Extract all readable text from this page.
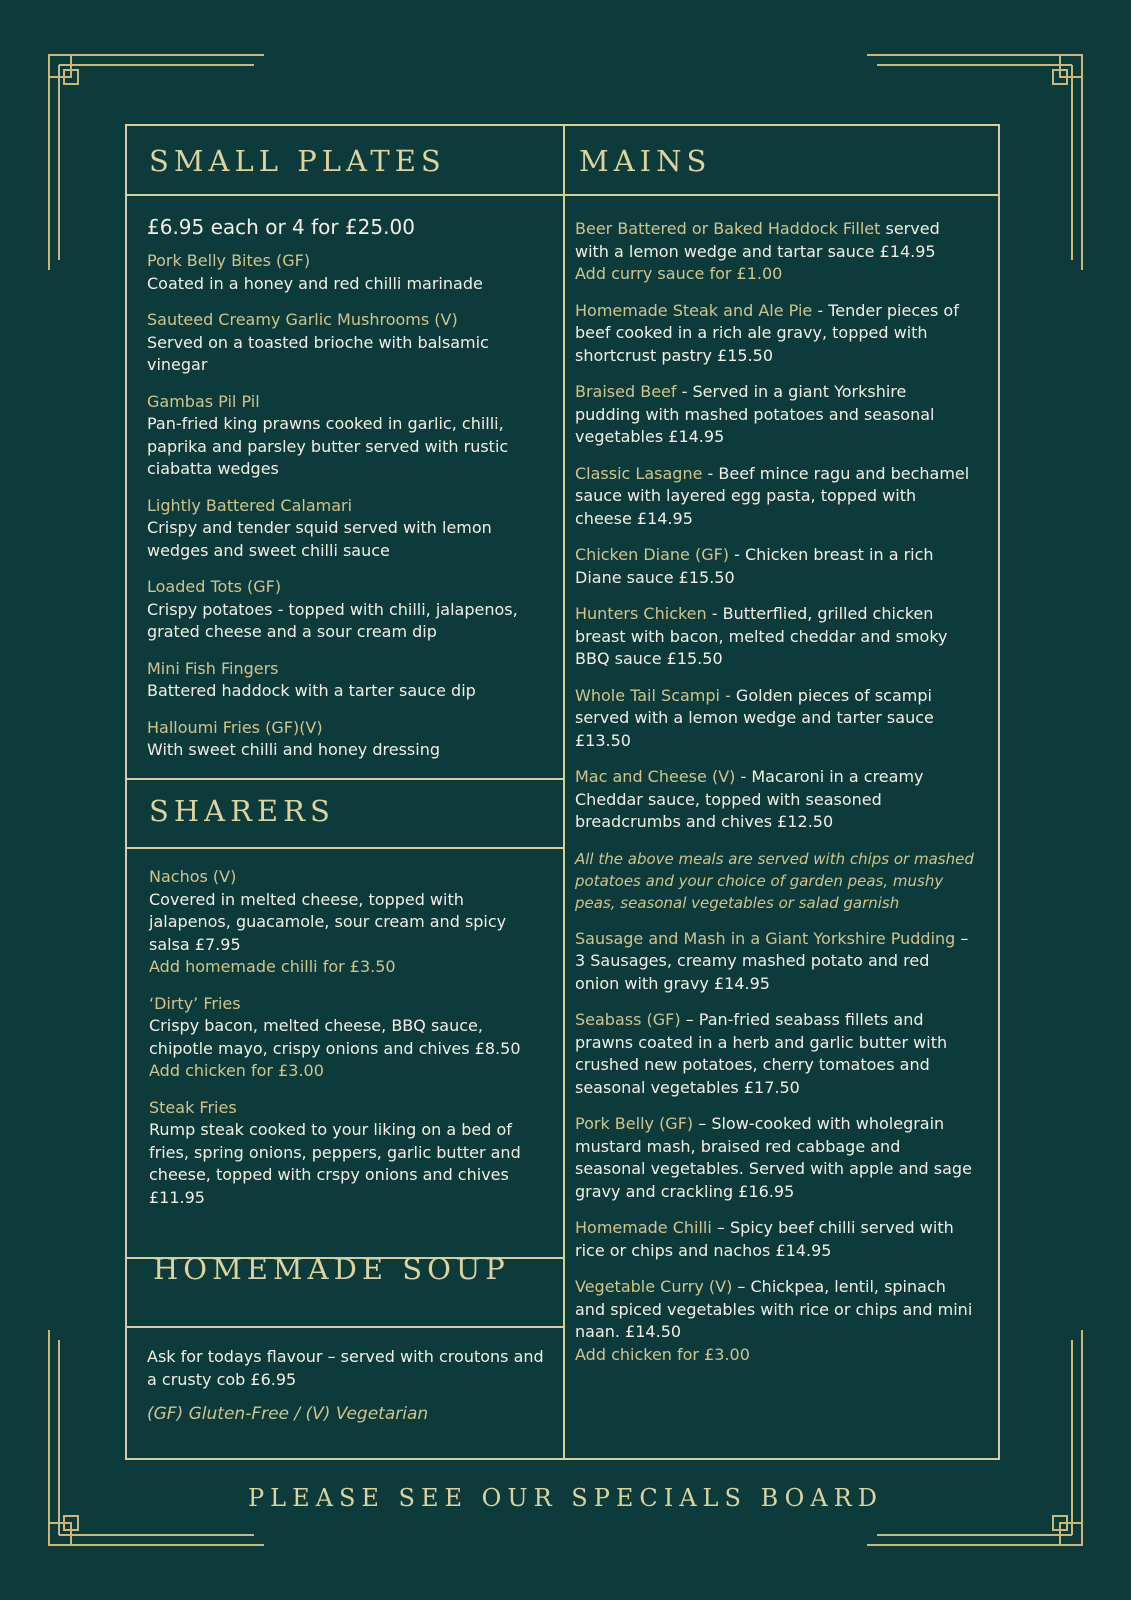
SMALL PLATES	MAINS
SHARERS
HOMEMADE SOUP
£6.95 each or 4 for £25.00
Pork Belly Bites (GF)
Coated in a honey and red chilli marinade
Sauteed Creamy Garlic Mushrooms (V)
Served on a toasted brioche with balsamic vinegar
Gambas Pil Pil
Pan-fried king prawns cooked in garlic, chilli, paprika and parsley butter served with rustic ciabatta wedges
Lightly Battered Calamari
Crispy and tender squid served with lemon wedges and sweet chilli sauce
Loaded Tots (GF)
Crispy potatoes - topped with chilli, jalapenos, grated cheese and a sour cream dip
Mini Fish Fingers
Battered haddock with a tarter sauce dip
Halloumi Fries (GF)(V)
With sweet chilli and honey dressing
Nachos (V)
Covered in melted cheese, topped with jalapenos, guacamole, sour cream and spicy salsa £7.95
Add homemade chilli for £3.50
‘Dirty’ Fries
Crispy bacon, melted cheese, BBQ sauce, chipotle mayo, crispy onions and chives £8.50
Add chicken for £3.00
Steak Fries
Rump steak cooked to your liking on a bed of fries, spring onions, peppers, garlic butter and cheese, topped with crspy onions and chives £11.95
Ask for todays flavour – served with croutons and a crusty cob £6.95
(GF) Gluten-Free / (V) Vegetarian
Beer Battered or Baked Haddock Fillet served with a lemon wedge and tartar sauce £14.95
Add curry sauce for £1.00
Homemade Steak and Ale Pie - Tender pieces of beef cooked in a rich ale gravy, topped with shortcrust pastry £15.50
Braised Beef - Served in a giant Yorkshire pudding with mashed potatoes and seasonal vegetables £14.95
Classic Lasagne - Beef mince ragu and bechamel sauce with layered egg pasta, topped with cheese £14.95
Chicken Diane (GF) - Chicken breast in a rich Diane sauce £15.50
Hunters Chicken - Butterflied, grilled chicken breast with bacon, melted cheddar and smoky BBQ sauce £15.50
Whole Tail Scampi - Golden pieces of scampi served with a lemon wedge and tarter sauce £13.50
Mac and Cheese (V) - Macaroni in a creamy Cheddar sauce, topped with seasoned breadcrumbs and chives £12.50
All the above meals are served with chips or mashed potatoes and your choice of garden peas, mushy peas, seasonal vegetables or salad garnish
Sausage and Mash in a Giant Yorkshire Pudding – 3 Sausages, creamy mashed potato and red onion with gravy £14.95
Seabass (GF) – Pan-fried seabass fillets and prawns coated in a herb and garlic butter with crushed new potatoes, cherry tomatoes and seasonal vegetables £17.50
Pork Belly (GF) – Slow-cooked with wholegrain mustard mash, braised red cabbage and seasonal vegetables. Served with apple and sage gravy and crackling £16.95
Homemade Chilli – Spicy beef chilli served with rice or chips and nachos £14.95
Vegetable Curry (V) – Chickpea, lentil, spinach and spiced vegetables with rice or chips and mini naan. £14.50
Add chicken for £3.00
PLEASE SEE OUR SPECIALS BOARD
